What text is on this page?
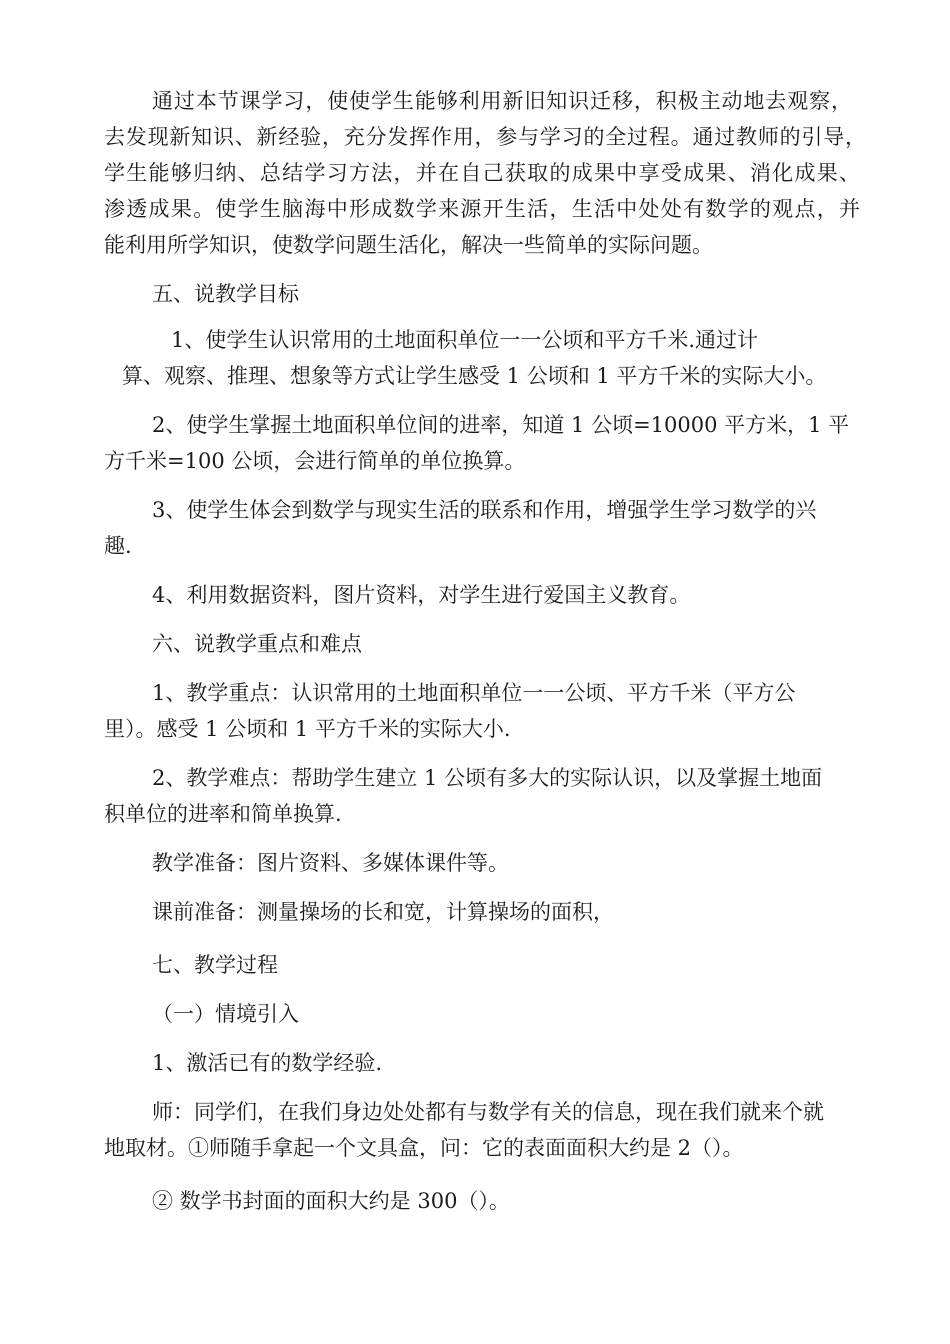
通过本节课学习，使使学生能够利用新旧知识迁移，积极主动地去观察，
去发现新知识、新经验，充分发挥作用，参与学习的全过程。通过教师的引导，
学生能够归纳、总结学习方法，并在自己获取的成果中享受成果、消化成果、
渗透成果。使学生脑海中形成数学来源开生活，生活中处处有数学的观点，并
能利用所学知识，使数学问题生活化，解决一些简单的实际问题。
五、说教学目标
1、使学生认识常用的土地面积单位一一公顷和平方千米.通过计
算、观察、推理、想象等方式让学生感受 1 公顷和 1 平方千米的实际大小。
2、使学生掌握土地面积单位间的进率，知道 1 公顷=10000 平方米，1 平
方千米=100 公顷，会进行简单的单位换算。
3、使学生体会到数学与现实生活的联系和作用，增强学生学习数学的兴
趣.
4、利用数据资料，图片资料，对学生进行爱国主义教育。
六、说教学重点和难点
1、教学重点：认识常用的土地面积单位一一公顷、平方千米（平方公
里）。感受 1 公顷和 1 平方千米的实际大小.
2、教学难点：帮助学生建立 1 公顷有多大的实际认识，以及掌握土地面
积单位的进率和简单换算.
教学准备：图片资料、多媒体课件等。
课前准备：测量操场的长和宽，计算操场的面积，
七、教学过程
（一）情境引入
1、激活已有的数学经验.
师：同学们，在我们身边处处都有与数学有关的信息，现在我们就来个就
地取材。①师随手拿起一个文具盒，问：它的表面面积大约是 2（）。
② 数学书封面的面积大约是 300（）。
